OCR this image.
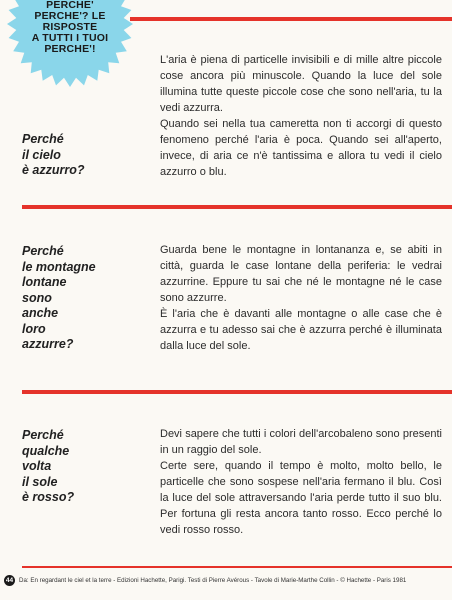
PERCHE'
PERCHE'? LE
RISPOSTE
A TUTTI I TUOI
PERCHE'!
Perché
il cielo
è azzurro?

L'aria è piena di particelle invisibili e di mille altre piccole cose ancora più minuscole. Quando la luce del sole illumina tutte queste piccole cose che sono nell'aria, tu la vedi azzurra.

Quando sei nella tua cameretta non ti accorgi di questo fenomeno perché l'aria è poca. Quando sei all'aperto, invece, di aria ce n'è tantissima e allora tu vedi il cielo azzurro o blu.

Perché
le montagne
lontane
sono
anche
loro
azzurre?

Guarda bene le montagne in lontananza e, se abiti in città, guarda le case lontane della periferia: le vedrai azzurrine. Eppure tu sai che né le montagne né le case sono azzurre.

È l'aria che è davanti alle montagne o alle case che è azzurra e tu adesso sai che è azzurra perché è illuminata dalla luce del sole.

Perché
qualche
volta
il sole
è rosso?

Devi sapere che tutti i colori dell'arcobaleno sono presenti in un raggio del sole.

Certe sere, quando il tempo è molto, molto bello, le particelle che sono sospese nell'aria fermano il blu. Così la luce del sole attraversando l'aria perde tutto il suo blu. Per fortuna gli resta ancora tanto rosso. Ecco perché lo vedi rosso rosso.

44 Da: En regardant le ciel et la terre - Edizioni Hachette, Parigi. Testi di Pierre Avérous - Tavole di Marie-Marthe Collin - © Hachette - Paris 1981
